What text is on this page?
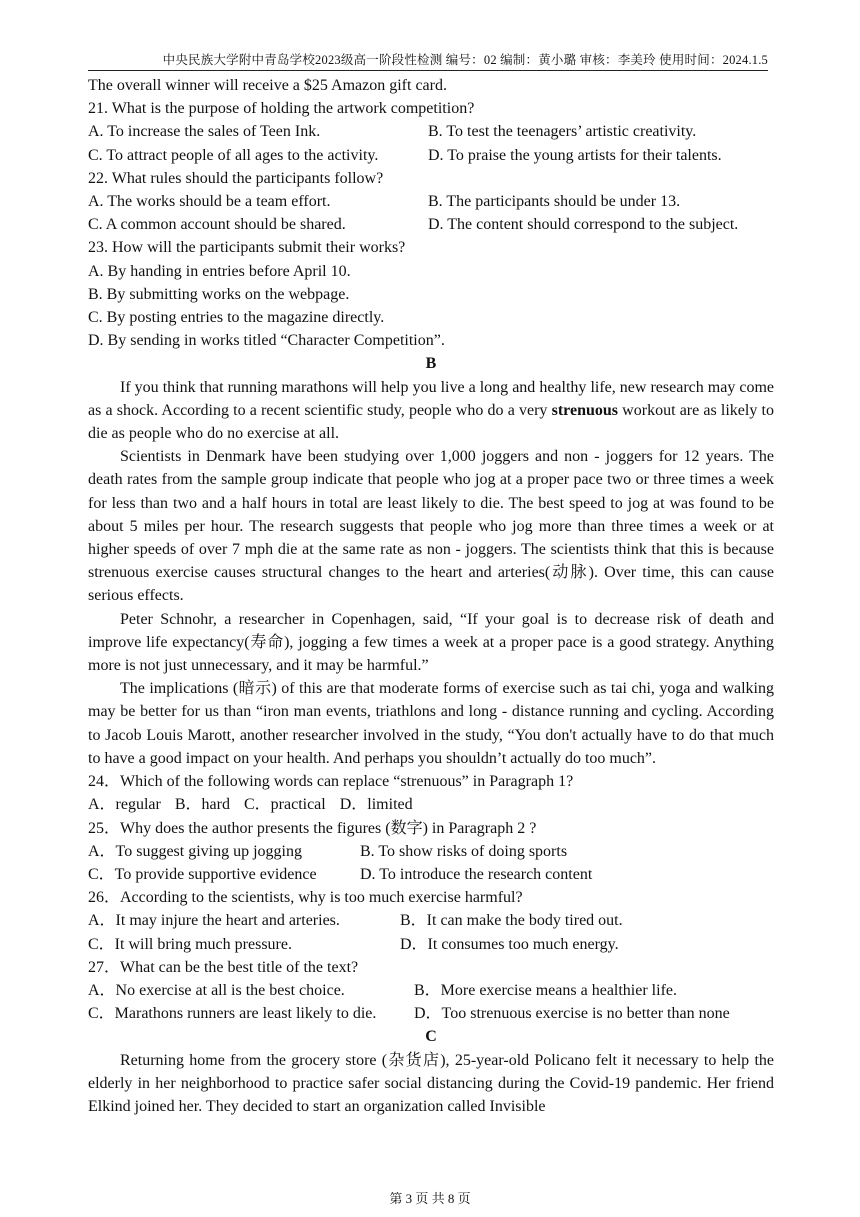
中央民族大学附中青岛学校2023级高一阶段性检测 编号：02 编制：黄小璐 审核：李美玲 使用时间：2024.1.5
The overall winner will receive a $25 Amazon gift card.
21. What is the purpose of holding the artwork competition?
A. To increase the sales of Teen Ink.	B. To test the teenagers’ artistic creativity.
C. To attract people of all ages to the activity.	D. To praise the young artists for their talents.
22. What rules should the participants follow?
A. The works should be a team effort.	B. The participants should be under 13.
C. A common account should be shared.	D. The content should correspond to the subject.
23. How will the participants submit their works?
A. By handing in entries before April 10.
B. By submitting works on the webpage.
C. By posting entries to the magazine directly.
D. By sending in works titled “Character Competition”.
B
If you think that running marathons will help you live a long and healthy life, new research may come as a shock. According to a recent scientific study, people who do a very strenuous workout are as likely to die as people who do no exercise at all.
Scientists in Denmark have been studying over 1,000 joggers and non - joggers for 12 years. The death rates from the sample group indicate that people who jog at a proper pace two or three times a week for less than two and a half hours in total are least likely to die. The best speed to jog at was found to be about 5 miles per hour. The research suggests that people who jog more than three times a week or at higher speeds of over 7 mph die at the same rate as non - joggers. The scientists think that this is because strenuous exercise causes structural changes to the heart and arteries(动脉). Over time, this can cause serious effects.
Peter Schnohr, a researcher in Copenhagen, said, “If your goal is to decrease risk of death and improve life expectancy(寿命), jogging a few times a week at a proper pace is a good strategy. Anything more is not just unnecessary, and it may be harmful.”
The implications (暗示) of this are that moderate forms of exercise such as tai chi, yoga and walking may be better for us than “iron man events, triathlons and long - distance running and cycling. According to Jacob Louis Marott, another researcher involved in the study, “You don't actually have to do that much to have a good impact on your health. And perhaps you shouldn’t actually do too much”.
24．Which of the following words can replace “strenuous” in Paragraph 1?
A．regular B．hard C．practical D．limited
25．Why does the author presents the figures (数字) in Paragraph 2 ?
A．To suggest giving up jogging	B. To show risks of doing sports
C．To provide supportive evidence	D. To introduce the research content
26．According to the scientists, why is too much exercise harmful?
A．It may injure the heart and arteries.	B．It can make the body tired out.
C．It will bring much pressure.	D．It consumes too much energy.
27．What can be the best title of the text?
A．No exercise at all is the best choice.	B．More exercise means a healthier life.
C．Marathons runners are least likely to die.	D．Too strenuous exercise is no better than none
C
Returning home from the grocery store (杂货店), 25-year-old Policano felt it necessary to help the elderly in her neighborhood to practice safer social distancing during the Covid-19 pandemic. Her friend Elkind joined her. They decided to start an organization called Invisible
第 3 页 共 8 页
